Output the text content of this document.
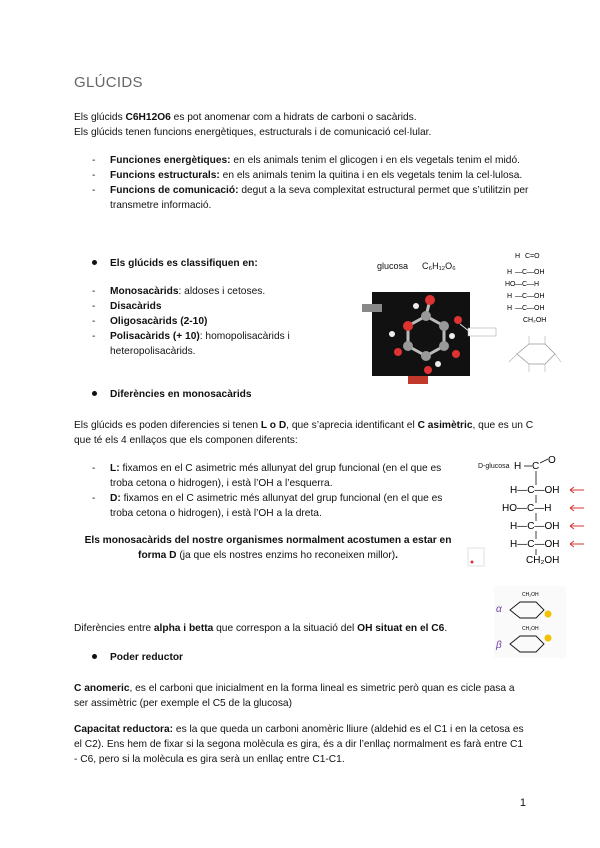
GLÚCIDS
Els glúcids C6H12O6 es pot anomenar com a hidrats de carboni o sacàrids.
Els glúcids tenen funcions energètiques, estructurals i de comunicació cel·lular.
- Funciones energètiques: en els animals tenim el glicogen i en els vegetals tenim el midó.
- Funcions estructurals: en els animals tenim la quitina i en els vegetals tenim la cel·lulosa.
- Funcions de comunicació: degut a la seva complexitat estructural permet que s’utilitzin per transmetre informació.
Els glúcids es classifiquen en:
- Monosacàrids: aldoses i cetoses.
- Disacàrids
- Oligosacàrids (2-10)
- Polisacàrids (+ 10): homopolisacàrids i heteropolisacàrids.
glucosa C₆H₁₂O₆
H C=O
H —C—OH
HO —C—H
H —C—OH
H —C—OH
CH₂OH
Diferències en monosacàrids
Els glúcids es poden diferencies si tenen L o D, que s’aprecia identificant el C asimètric, que es un C que té els 4 enllaços que els componen diferents:
- L: fixamos en el C asimetric més allunyat del grup funcional (en el que es troba cetona o hidrogen), i està l’OH a l’esquerra.
- D: fixamos en el C asimetric més allunyat del grup funcional (en el que es troba cetona o hidrogen), i està l’OH a la dreta.
D-glucosa H C
O
H—C—OH
HO—C—H
H—C—OH
H—C—OH
CH₂OH
Els monosacàrids del nostre organismes normalment acostumen a estar en forma D (ja que els nostres enzims ho reconeixen millor).
α
CH₂OH
β
CH₂OH
Diferències entre alpha i betta que correspon a la situació del OH situat en el C6.
Poder reductor
C anomeric, es el carboni que inicialment en la forma lineal es simetric però quan es cicle pasa a ser assimètric (per exemple el C5 de la glucosa)
Capacitat reductora: es la que queda un carboni anomèric lliure (aldehid es el C1 i en la cetosa es el C2). Ens hem de fixar si la segona molècula es gira, és a dir l’enllaç normalment es farà entre C1 - C6, pero si la molècula es gira serà un enllaç entre C1-C1.
1
